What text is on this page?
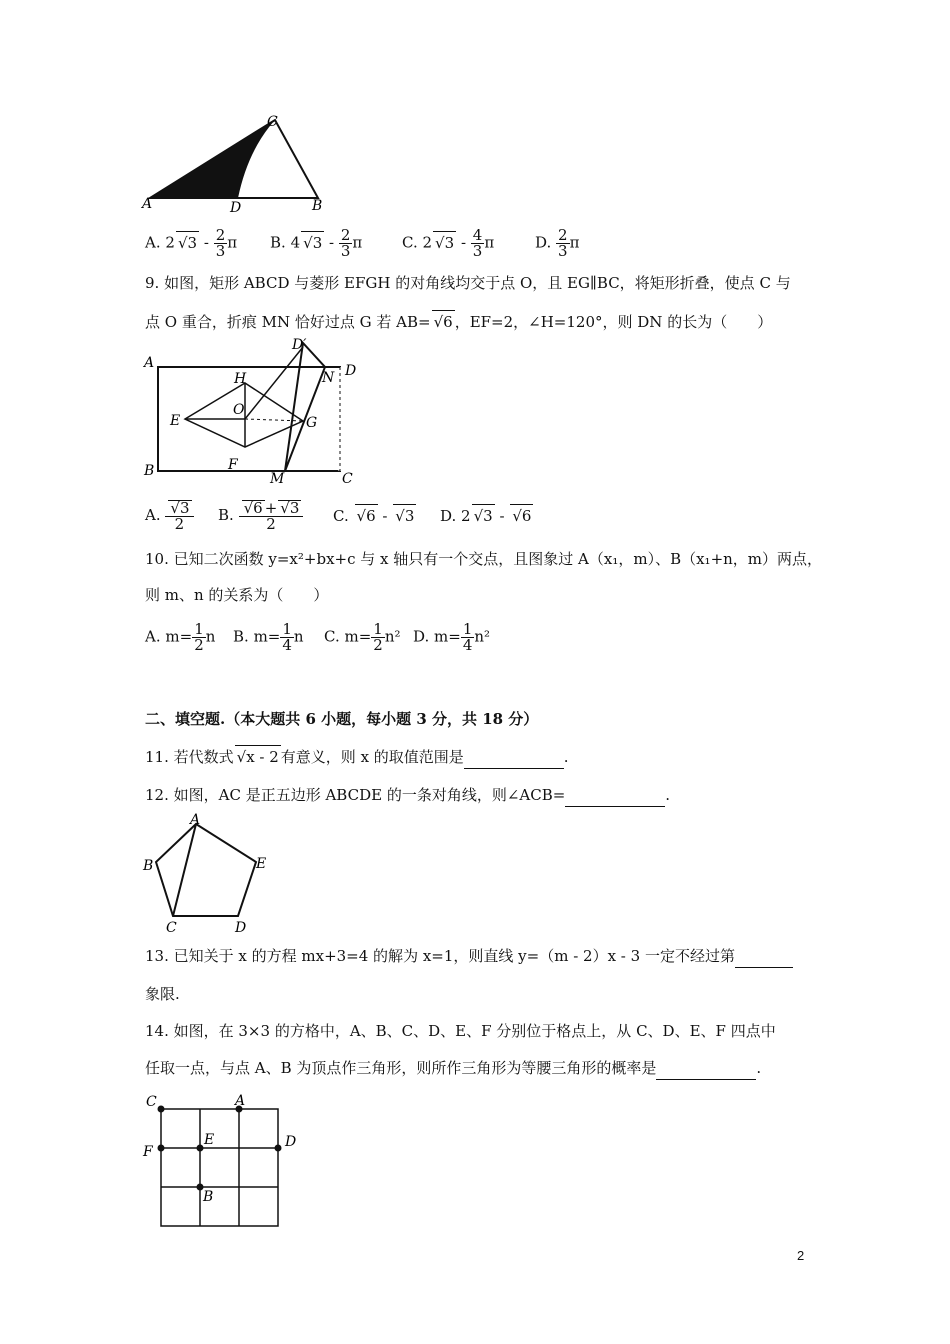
A	B
C
D
A. 2 √ $3 - \frac{2}{3}$ π B. 4 √ $3 - \frac{2}{3}$ π	C. 2 √ $3 - \frac{4}{3}$ π	D. $\frac{2}{3}$ π
9. 如图，矩形 ABCD 与菱形 EFGH 的对角线均交于点 O，且 EG∥BC，将矩形折叠，使点 C 与
点 O 重合，折痕 MN 恰好过点 G 若 AB= √ 6 ，EF=2，∠H=120°，则 DN 的长为（　　）
A
B	C
D
D′
N
H
O
E	G
F
M
A. √ $\frac{3}{2} B$. √ $\frac{6 + √ 3}{2} C$. √ 6 - √ 3 D. 2 √ 3 - √ 6
10. 已知二次函数 y=x²+bx+c 与 x 轴只有一个交点，且图象过 A（x₁，m）、B（x₁+n，m）两点，
则 m、n 的关系为（　　）
A. $m= \frac{1}{2}$ n B. $m= \frac{1}{4}$ n C. $m= \frac{1}{2} n^2$ D. $m= \frac{1}{4} n^2$
二、填空题.（本大题共 6 小题，每小题 3 分，共 18 分）
11. 若代数式 √ x - 2 有意义，则 x 的取值范围是	.
12. 如图，AC 是正五边形 ABCDE 的一条对角线，则∠ACB=	.
A
B
C	D
E
13. 已知关于 x 的方程 mx+3=4 的解为 x=1，则直线 y=（m - 2）x - 3 一定不经过第
象限.
14. 如图，在 3×3 的方格中，A、B、C、D、E、F 分别位于格点上，从 C、D、E、F 四点中
任取一点，与点 A、B 为顶点作三角形，则所作三角形为等腰三角形的概率是	.
C	A
F
E	D
B
2
